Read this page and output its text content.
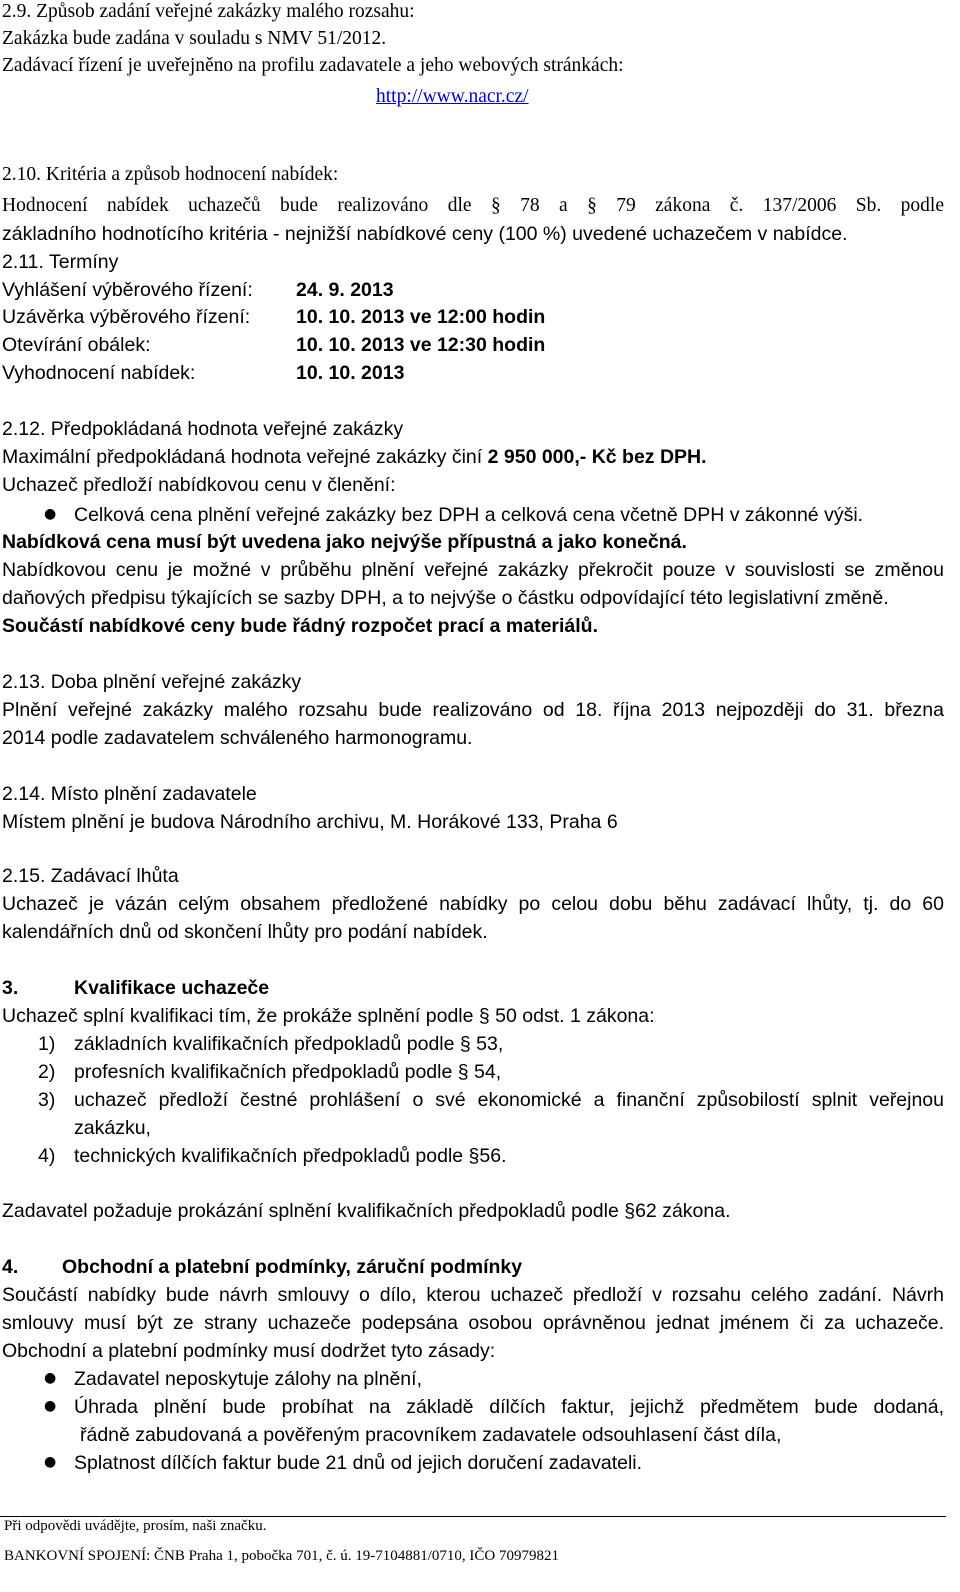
2.9. Způsob zadání veřejné zakázky malého rozsahu:
Zakázka bude zadána v souladu s NMV 51/2012.
Zadávací řízení je uveřejněno na profilu zadavatele a jeho webových stránkách:
http://www.nacr.cz/
2.10. Kritéria a způsob hodnocení nabídek:
Hodnocení nabídek uchazečů bude realizováno dle § 78 a § 79 zákona č. 137/2006 Sb. podle
základního hodnotícího kritéria - nejnižší nabídkové ceny (100 %) uvedené uchazečem v nabídce.
2.11. Termíny
Vyhlášení výběrového řízení: 24. 9. 2013
Uzávěrka výběrového řízení: 10. 10. 2013 ve 12:00 hodin
Otevírání obálek:	10. 10. 2013 ve 12:30 hodin
Vyhodnocení nabídek:	10. 10. 2013
2.12. Předpokládaná hodnota veřejné zakázky
Maximální předpokládaná hodnota veřejné zakázky činí 2 950 000,- Kč bez DPH.
Uchazeč předloží nabídkovou cenu v členění:
● Celková cena plnění veřejné zakázky bez DPH a celková cena včetně DPH v zákonné výši.
Nabídková cena musí být uvedena jako nejvýše přípustná a jako konečná.
Nabídkovou cenu je možné v průběhu plnění veřejné zakázky překročit pouze v souvislosti se změnou
daňových předpisu týkajících se sazby DPH, a to nejvýše o částku odpovídající této legislativní změně.
Součástí nabídkové ceny bude řádný rozpočet prací a materiálů.
2.13. Doba plnění veřejné zakázky
Plnění veřejné zakázky malého rozsahu bude realizováno od 18. října 2013 nejpozději do 31. března
2014 podle zadavatelem schváleného harmonogramu.
2.14. Místo plnění zadavatele
Místem plnění je budova Národního archivu, M. Horákové 133, Praha 6
2.15. Zadávací lhůta
Uchazeč je vázán celým obsahem předložené nabídky po celou dobu běhu zadávací lhůty, tj. do 60
kalendářních dnů od skončení lhůty pro podání nabídek.
3.	Kvalifikace uchazeče
Uchazeč splní kvalifikaci tím, že prokáže splnění podle § 50 odst. 1 zákona:
1) základních kvalifikačních předpokladů podle § 53,
2) profesních kvalifikačních předpokladů podle § 54,
3) uchazeč předloží čestné prohlášení o své ekonomické a finanční způsobilostí splnit veřejnou
zakázku,
4) technických kvalifikačních předpokladů podle §56.
Zadavatel požaduje prokázání splnění kvalifikačních předpokladů podle §62 zákona.
4. Obchodní a platební podmínky, záruční podmínky
Součástí nabídky bude návrh smlouvy o dílo, kterou uchazeč předloží v rozsahu celého zadání. Návrh
smlouvy musí být ze strany uchazeče podepsána osobou oprávněnou jednat jménem či za uchazeče.
Obchodní a platební podmínky musí dodržet tyto zásady:
● Zadavatel neposkytuje zálohy na plnění,
● Úhrada plnění bude probíhat na základě dílčích faktur, jejichž předmětem bude dodaná,
řádně zabudovaná a pověřeným pracovníkem zadavatele odsouhlasení část díla,
● Splatnost dílčích faktur bude 21 dnů od jejich doručení zadavateli.
Při odpovědi uvádějte, prosím, naši značku.
BANKOVNÍ SPOJENÍ: ČNB Praha 1, pobočka 701, č. ú. 19-7104881/0710, IČO 70979821
